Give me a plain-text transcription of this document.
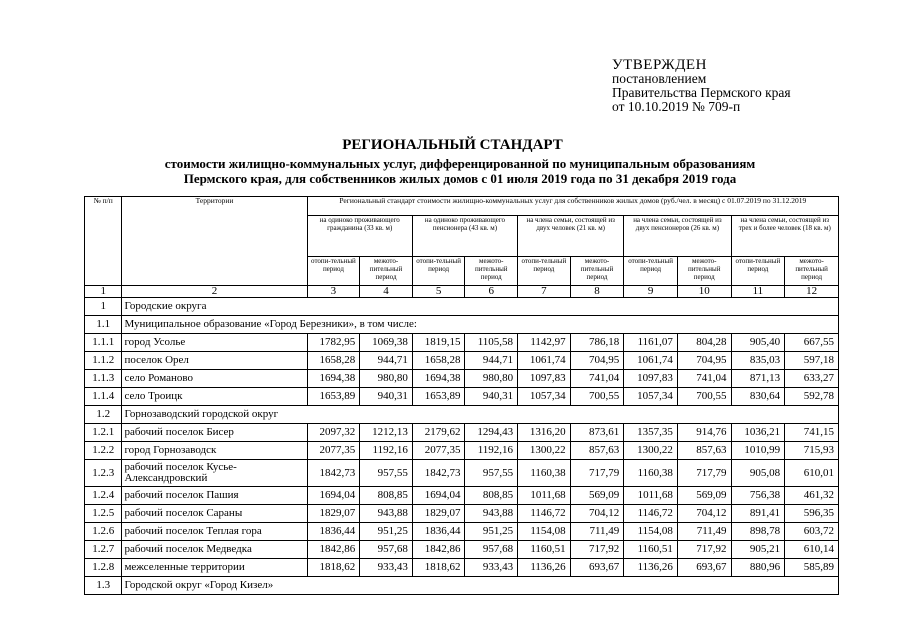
УТВЕРЖДЕН
постановлением
Правительства Пермского края
от 10.10.2019 № 709-п
РЕГИОНАЛЬНЫЙ СТАНДАРТ
стоимости жилищно-коммунальных услуг, дифференцированной по муниципальным образованиям
Пермского края, для собственников жилых домов с 01 июля 2019 года по 31 декабря 2019 года
№ п/п	Территории	Региональный стандарт стоимости жилищно-коммунальных услуг для собственников жилых домов (руб./чел. в месяц) с 01.07.2019 по 31.12.2019									
		на одиноко проживающего гражданина (33 кв. м)		на одиноко проживающего пенсионера (43 кв. м)		на члена семьи, состоящей из двух человек (21 кв. м)		на члена семьи, состоящей из двух пенсионеров (26 кв. м)		на члена семьи, состоящей из трех и более человек (18 кв. м)	
		отопи-тельный период	межото-пительный период	отопи-тельный период	межото-пительный период	отопи-тельный период	межото-пительный период	отопи-тельный период	межото-пительный период	отопи-тельный период	межото-пительный период
1	2	3	4	5	6	7	8	9	10	11	12
1	Городские округа										
1.1	Муниципальное образование «Город Березники», в том числе:										
1.1.1	город Усолье	1782,95	1069,38	1819,15	1105,58	1142,97	786,18	1161,07	804,28	905,40	667,55
1.1.2	поселок Орел	1658,28	944,71	1658,28	944,71	1061,74	704,95	1061,74	704,95	835,03	597,18
1.1.3	село Романово	1694,38	980,80	1694,38	980,80	1097,83	741,04	1097,83	741,04	871,13	633,27
1.1.4	село Троицк	1653,89	940,31	1653,89	940,31	1057,34	700,55	1057,34	700,55	830,64	592,78
1.2	Горнозаводский городской округ										
1.2.1	рабочий поселок Бисер	2097,32	1212,13	2179,62	1294,43	1316,20	873,61	1357,35	914,76	1036,21	741,15
1.2.2	город Горнозаводск	2077,35	1192,16	2077,35	1192,16	1300,22	857,63	1300,22	857,63	1010,99	715,93
1.2.3	рабочий поселок Кусье-Александровский	1842,73	957,55	1842,73	957,55	1160,38	717,79	1160,38	717,79	905,08	610,01
1.2.4	рабочий поселок Пашия	1694,04	808,85	1694,04	808,85	1011,68	569,09	1011,68	569,09	756,38	461,32
1.2.5	рабочий поселок Сараны	1829,07	943,88	1829,07	943,88	1146,72	704,12	1146,72	704,12	891,41	596,35
1.2.6	рабочий поселок Теплая гора	1836,44	951,25	1836,44	951,25	1154,08	711,49	1154,08	711,49	898,78	603,72
1.2.7	рабочий поселок Медведка	1842,86	957,68	1842,86	957,68	1160,51	717,92	1160,51	717,92	905,21	610,14
1.2.8	межселенные территории	1818,62	933,43	1818,62	933,43	1136,26	693,67	1136,26	693,67	880,96	585,89
1.3	Городской округ «Город Кизел»										
